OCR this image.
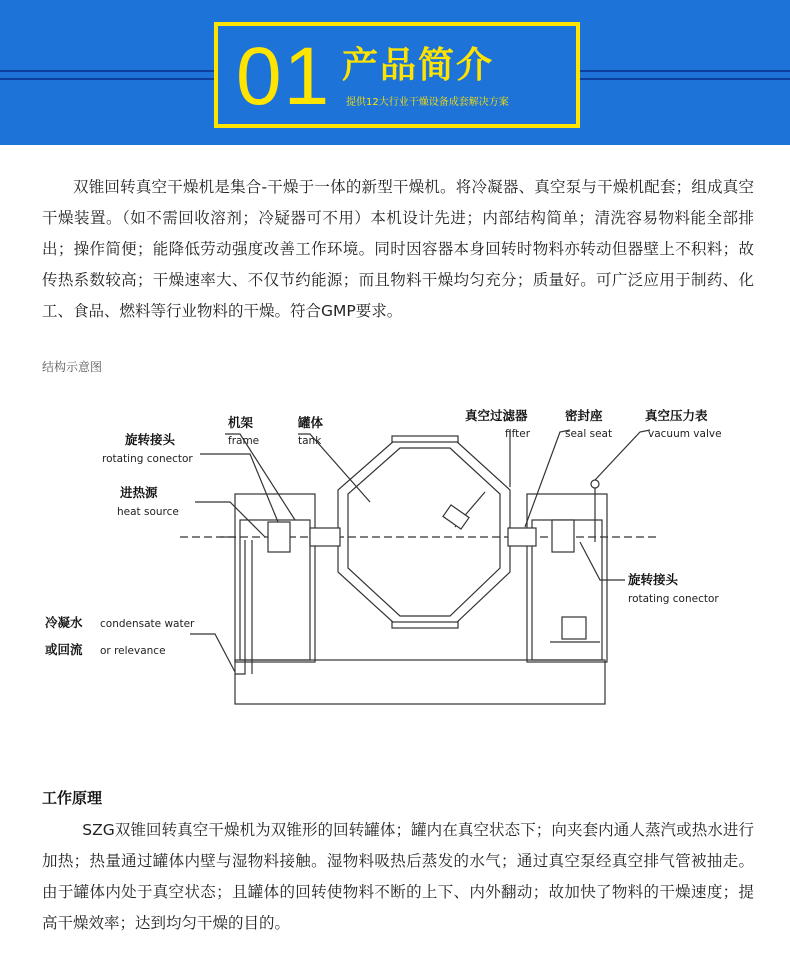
01 产品简介
提供12大行业干燥设备成套解决方案

双锥回转真空干燥机是集合-干燥于一体的新型干燥机。将冷凝器、真空泵与干燥机配套；组成真空干燥装置。（如不需回收溶剂；冷疑器可不用）本机设计先进；内部结构简单；清洗容易物料能全部排出；操作简便；能降低劳动强度改善工作环境。同时因容器本身回转时物料亦转动但器壁上不积料；故传热系数较高；干燥速率大、不仅节约能源；而且物料干燥均匀充分；质量好。可广泛应用于制药、化工、食品、燃料等行业物料的干燥。符合GMP要求。

结构示意图
旋转接头
rotating conector
机架
frame
罐体
tank
真空过滤器
fifter
密封座
seal seat
真空压力表
vacuum valve
进热源
heat source
旋转接头
rotating conector
冷凝水 condensate water
或回流 or relevance
工作原理

SZG双锥回转真空干燥机为双锥形的回转罐体；罐内在真空状态下；向夹套内通人蒸汽或热水进行加热；热量通过罐体内壁与湿物料接触。湿物料吸热后蒸发的水气；通过真空泵经真空排气管被抽走。由于罐体内处于真空状态；且罐体的回转使物料不断的上下、内外翻动；故加快了物料的干燥速度；提高干燥效率；达到均匀干燥的目的。
